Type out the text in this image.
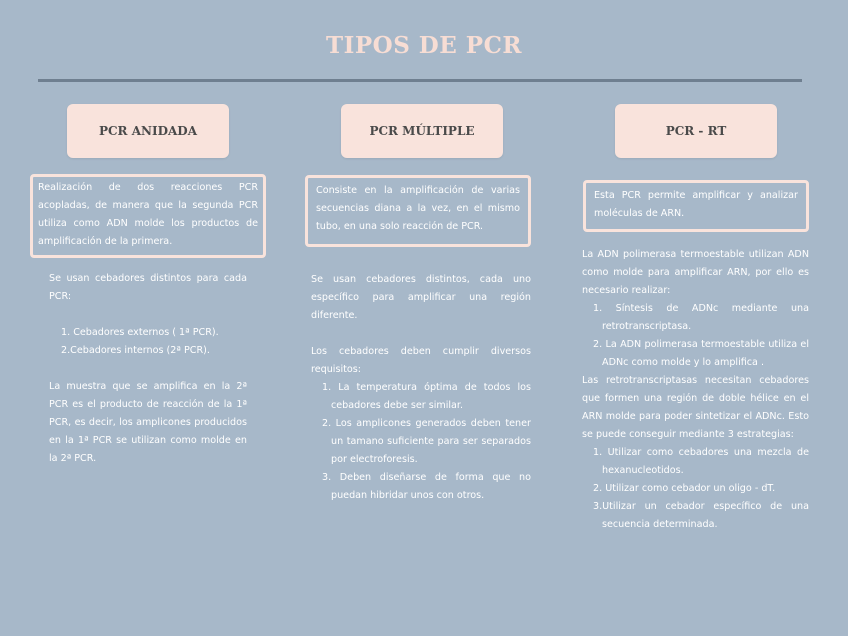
TIPOS DE PCR
PCR ANIDADA
Realización de dos reacciones PCR acopladas, de manera que la segunda PCR utiliza como ADN molde los productos de amplificación de la primera.

Se usan cebadores distintos para cada PCR:

1. Cebadores externos ( 1ª PCR).

2.Cebadores internos (2ª PCR).

La muestra que se amplifica en la 2ª PCR es el producto de reacción de la 1ª PCR, es decir, los amplicones producidos en la 1ª PCR se utilizan como molde en la 2ª PCR.

PCR MÚLTIPLE
Consiste en la amplificación de varias secuencias diana a la vez, en el mismo tubo, en una solo reacción de PCR.

Se usan cebadores distintos, cada uno específico para amplificar una región diferente.

Los cebadores deben cumplir diversos requisitos:

1. La temperatura óptima de todos los cebadores debe ser similar.

2. Los amplicones generados deben tener un tamano suficiente para ser separados por electroforesis.

3. Deben diseñarse de forma que no puedan hibridar unos con otros.

PCR - RT
Esta PCR permite amplificar y analizar moléculas de ARN.

La ADN polimerasa termoestable utilizan ADN como molde para amplificar ARN, por ello es necesario realizar:

1. Síntesis de ADNc mediante una retrotranscriptasa.

2. La ADN polimerasa termoestable utiliza el ADNc como molde y lo amplifica .

Las retrotranscriptasas necesitan cebadores que formen una región de doble hélice en el ARN molde para poder sintetizar el ADNc. Esto se puede conseguir mediante 3 estrategias:

1. Utilizar como cebadores una mezcla de hexanucleotidos.

2. Utilizar como cebador un oligo - dT.

3.Utilizar un cebador específico de una secuencia determinada.
